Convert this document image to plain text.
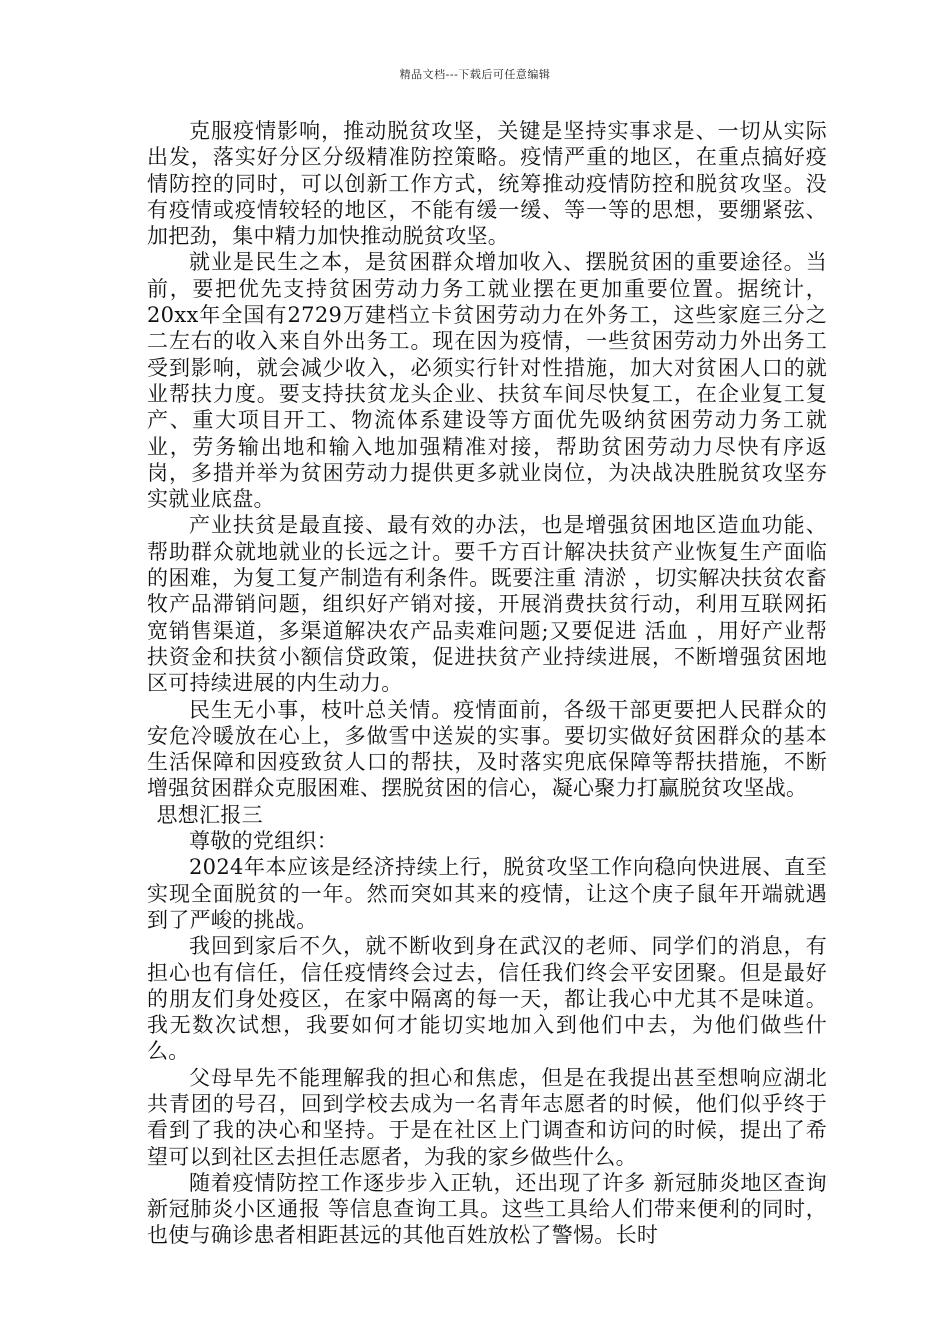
精品文档---下载后可任意编辑

克服疫情影响，推动脱贫攻坚，关键是坚持实事求是、一切从实际出发，落实好分区分级精准防控策略。疫情严重的地区，在重点搞好疫情防控的同时，可以创新工作方式，统筹推动疫情防控和脱贫攻坚。没有疫情或疫情较轻的地区，不能有缓一缓、等一等的思想，要绷紧弦、加把劲，集中精力加快推动脱贫攻坚。

就业是民生之本，是贫困群众增加收入、摆脱贫困的重要途径。当前，要把优先支持贫困劳动力务工就业摆在更加重要位置。据统计，20xx年全国有2729万建档立卡贫困劳动力在外务工，这些家庭三分之二左右的收入来自外出务工。现在因为疫情，一些贫困劳动力外出务工受到影响，就会减少收入，必须实行针对性措施，加大对贫困人口的就业帮扶力度。要支持扶贫龙头企业、扶贫车间尽快复工，在企业复工复产、重大项目开工、物流体系建设等方面优先吸纳贫困劳动力务工就业，劳务输出地和输入地加强精准对接，帮助贫困劳动力尽快有序返岗，多措并举为贫困劳动力提供更多就业岗位，为决战决胜脱贫攻坚夯实就业底盘。

产业扶贫是最直接、最有效的办法，也是增强贫困地区造血功能、帮助群众就地就业的长远之计。要千方百计解决扶贫产业恢复生产面临的困难，为复工复产制造有利条件。既要注重 清淤 ，切实解决扶贫农畜牧产品滞销问题，组织好产销对接，开展消费扶贫行动，利用互联网拓宽销售渠道，多渠道解决农产品卖难问题;又要促进 活血 ，用好产业帮扶资金和扶贫小额信贷政策，促进扶贫产业持续进展，不断增强贫困地区可持续进展的内生动力。

民生无小事，枝叶总关情。疫情面前，各级干部更要把人民群众的安危冷暖放在心上，多做雪中送炭的实事。要切实做好贫困群众的基本生活保障和因疫致贫人口的帮扶，及时落实兜底保障等帮扶措施，不断增强贫困群众克服困难、摆脱贫困的信心，凝心聚力打赢脱贫攻坚战。

思想汇报三

尊敬的党组织：

2024年本应该是经济持续上行，脱贫攻坚工作向稳向快进展、直至实现全面脱贫的一年。然而突如其来的疫情，让这个庚子鼠年开端就遇到了严峻的挑战。

我回到家后不久，就不断收到身在武汉的老师、同学们的消息，有担心也有信任，信任疫情终会过去，信任我们终会平安团聚。但是最好的朋友们身处疫区，在家中隔离的每一天，都让我心中尤其不是味道。我无数次试想，我要如何才能切实地加入到他们中去，为他们做些什么。

父母早先不能理解我的担心和焦虑，但是在我提出甚至想响应湖北共青团的号召，回到学校去成为一名青年志愿者的时候，他们似乎终于看到了我的决心和坚持。于是在社区上门调查和访问的时候，提出了希望可以到社区去担任志愿者，为我的家乡做些什么。

随着疫情防控工作逐步步入正轨，还出现了许多 新冠肺炎地区查询 新冠肺炎小区通报 等信息查询工具。这些工具给人们带来便利的同时，也使与确诊患者相距甚远的其他百姓放松了警惕。长时
